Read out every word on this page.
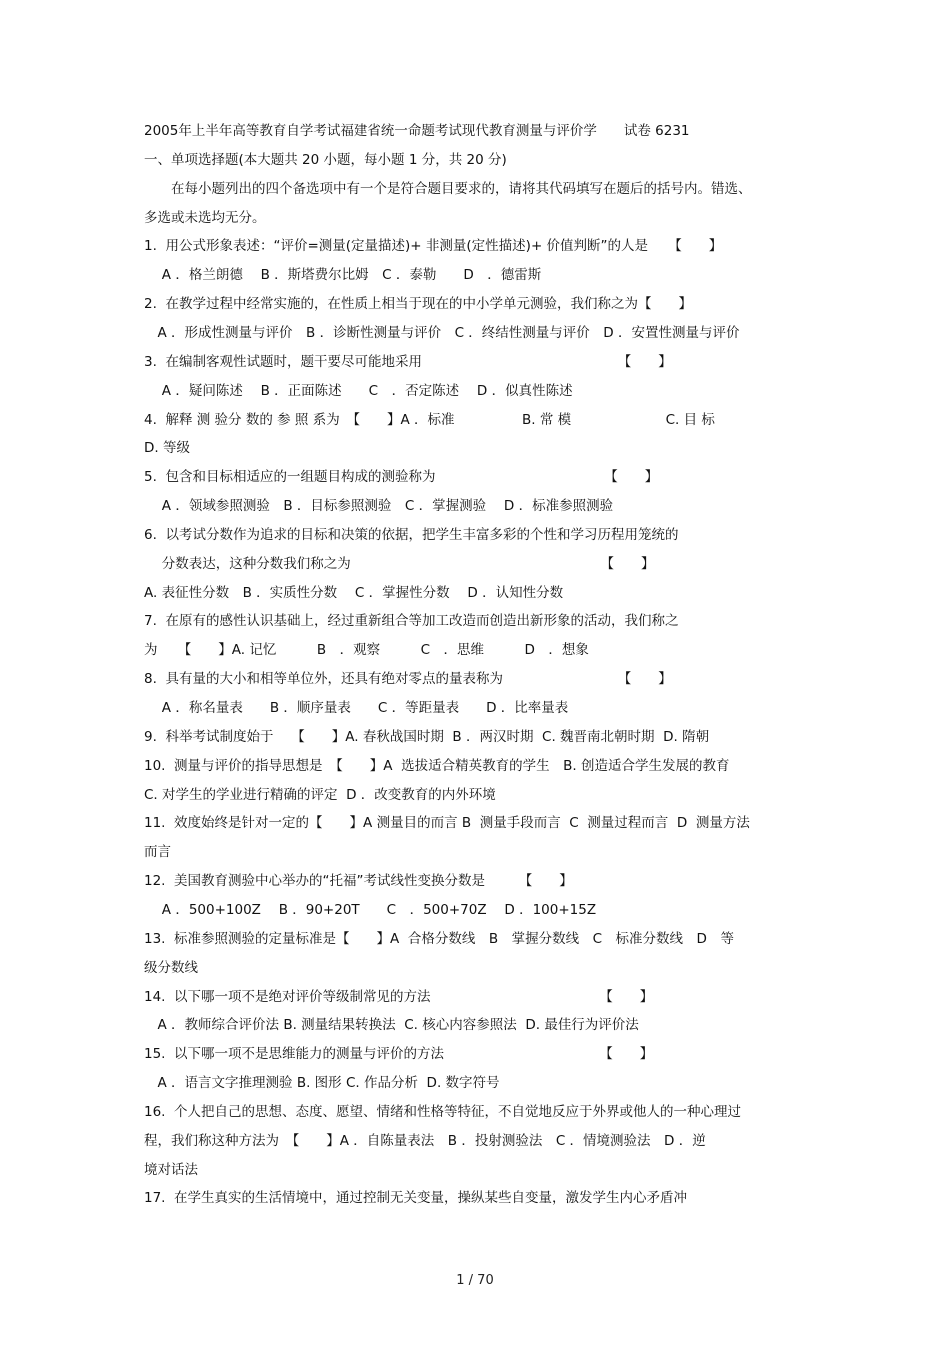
2005年上半年高等教育自学考试福建省统一命题考试现代教育测量与评价学　　试卷 6231
一、单项选择题(本大题共 20 小题，每小题 1 分，共 20 分)
　　在每小题列出的四个备选项中有一个是符合题目要求的，请将其代码填写在题后的括号内。错选、
多选或未选均无分。
1.  用公式形象表述：“评价=测量(定量描述)+ 非测量(定性描述)+ 价值判断”的人是　　【　　】
　 A ．格兰朗德　 B ．斯塔费尔比姆　C ．泰勒　　D　．德雷斯
2.  在教学过程中经常实施的，在性质上相当于现在的中小学单元测验，我们称之为【　　】
　A ．形成性测量与评价　B ．诊断性测量与评价　C ．终结性测量与评价　D ．安置性测量与评价
3.  在编制客观性试题时，题干要尽可能地采用　　　　　　　　　　　　　　　【　　】
　 A ．疑问陈述　 B ．正面陈述　　C　．否定陈述　 D ．似真性陈述
4.  解释 测 验分 数的 参 照 系为　【　　】A ．标准　　　　　B. 常 模　　　　　　　C. 目 标
D. 等级
5.  包含和目标相适应的一组题目构成的测验称为　　　　　　　　　　　　　【　　】
　 A ．领域参照测验　B ．目标参照测验　C ．掌握测验　 D ．标准参照测验
6.  以考试分数作为追求的目标和决策的依据，把学生丰富多彩的个性和学习历程用笼统的
　 分数表达，这种分数我们称之为　　　　　　　　　　　　　　　　　　　【　　】
A. 表征性分数　B ．实质性分数　 C ．掌握性分数　 D ．认知性分数
7.  在原有的感性认识基础上，经过重新组合等加工改造而创造出新形象的活动，我们称之
为　　【　　】A. 记忆　　　B　．观察　　　C　．思维　　　D　．想象
8.  具有量的大小和相等单位外，还具有绝对零点的量表称为　　　　　　　　　【　　】
　 A ．称名量表　　B ．顺序量表　　C ．等距量表　　D ．比率量表
9.  科举考试制度始于　 【　　】A. 春秋战国时期  B ．两汉时期  C. 魏晋南北朝时期  D. 隋朝
10.  测量与评价的指导思想是　【　　】A  选拔适合精英教育的学生　B. 创造适合学生发展的教育
C. 对学生的学业进行精确的评定  D ．改变教育的内外环境
11.  效度始终是针对一定的【　　】A 测量目的而言 B  测量手段而言  C  测量过程而言  D  测量方法
而言
12.  美国教育测验中心举办的“托福”考试线性变换分数是　　　【　　】
　 A ．500+100Z　 B ．90+20T　　C　．500+70Z　 D ．100+15Z
13.  标准参照测验的定量标准是【　　】A  合格分数线　B　掌握分数线　C　标准分数线　D　等
级分数线
14.  以下哪一项不是绝对评价等级制常见的方法　　　　　　　　　　　　　【　　】
　A ．教师综合评价法 B. 测量结果转换法  C. 核心内容参照法  D. 最佳行为评价法
15.  以下哪一项不是思维能力的测量与评价的方法　　　　　　　　　　　　【　　】
　A ．语言文字推理测验 B. 图形 C. 作品分析  D. 数字符号
16.  个人把自己的思想、态度、愿望、情绪和性格等特征，不自觉地反应于外界或他人的一种心理过
程，我们称这种方法为　【　　】A ．自陈量表法　B ．投射测验法　C ．情境测验法　D ．逆
境对话法
17.  在学生真实的生活情境中，通过控制无关变量，操纵某些自变量，激发学生内心矛盾冲
1 / 70
